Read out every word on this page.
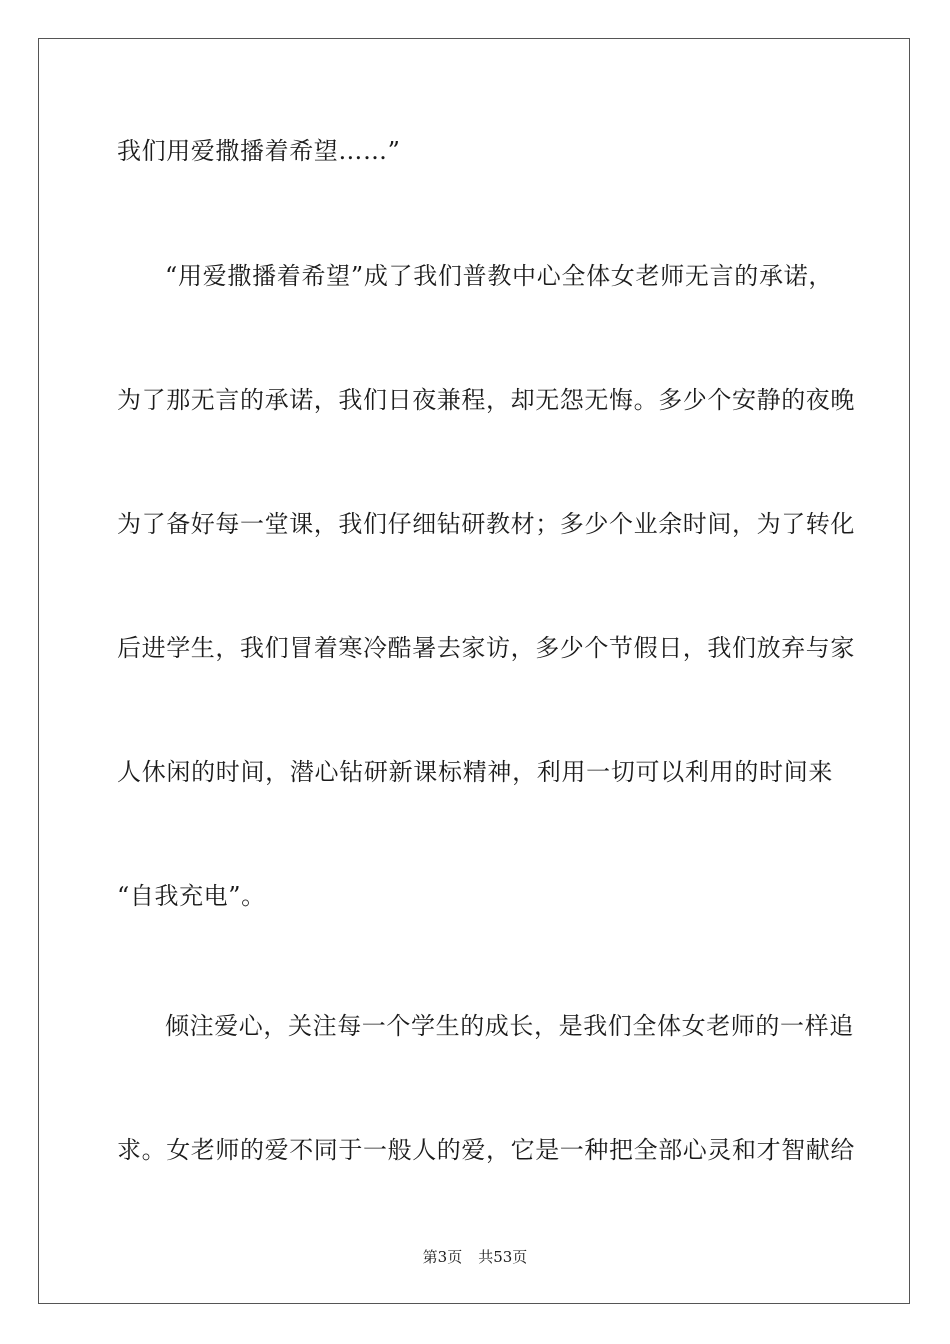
我们用爱撒播着希望……”
“用爱撒播着希望”成了我们普教中心全体女老师无言的承诺，
为了那无言的承诺，我们日夜兼程，却无怨无悔。多少个安静的夜晚
为了备好每一堂课，我们仔细钻研教材；多少个业余时间，为了转化
后进学生，我们冒着寒冷酷暑去家访，多少个节假日，我们放弃与家
人休闲的时间，潜心钻研新课标精神，利用一切可以利用的时间来
“自我充电”。
倾注爱心，关注每一个学生的成长，是我们全体女老师的一样追
求。女老师的爱不同于一般人的爱，它是一种把全部心灵和才智献给
第3页 共53页
